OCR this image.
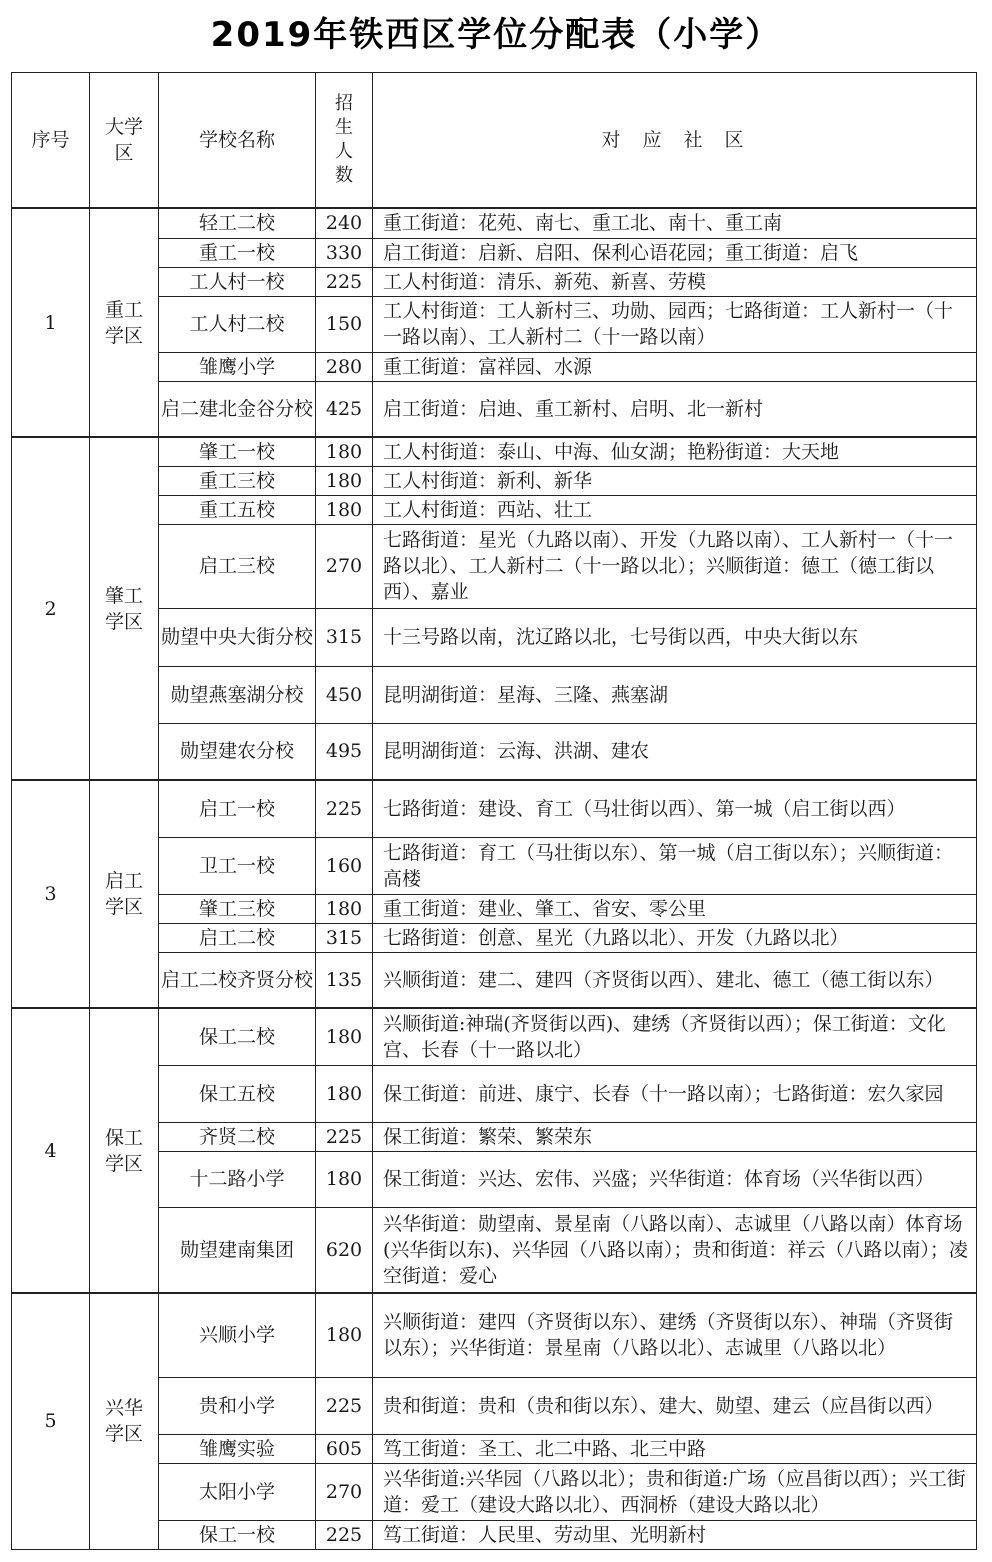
2019年铁西区学位分配表（小学）
序号	大学区	学校名称	招生人数	对 应 社 区
1	重工学区	轻工二校	240	重工街道：花苑、南七、重工北、南十、重工南
		重工一校	330	启工街道：启新、启阳、保利心语花园；重工街道：启飞
		工人村一校	225	工人村街道：清乐、新苑、新喜、劳模
		工人村二校	150	工人村街道：工人新村三、功勋、园西；七路街道：工人新村一（十一路以南）、工人新村二（十一路以南）
		雏鹰小学	280	重工街道：富祥园、水源
		启二建北金谷分校	425	启工街道：启迪、重工新村、启明、北一新村
2	肇工学区	肇工一校	180	工人村街道：泰山、中海、仙女湖；艳粉街道：大天地
		重工三校	180	工人村街道：新利、新华
		重工五校	180	工人村街道：西站、壮工
		启工三校	270	七路街道：星光（九路以南）、开发（九路以南）、工人新村一（十一路以北）、工人新村二（十一路以北）；兴顺街道：德工（德工街以西）、嘉业
		勋望中央大街分校	315	十三号路以南，沈辽路以北，七号街以西，中央大街以东
		勋望燕塞湖分校	450	昆明湖街道：星海、三隆、燕塞湖
		勋望建农分校	495	昆明湖街道：云海、洪湖、建农
3	启工学区	启工一校	225	七路街道：建设、育工（马壮街以西）、第一城（启工街以西）
		卫工一校	160	七路街道：育工（马壮街以东）、第一城（启工街以东）；兴顺街道：高楼
		肇工三校	180	重工街道：建业、肇工、省安、零公里
		启工二校	315	七路街道：创意、星光（九路以北）、开发（九路以北）
		启工二校齐贤分校	135	兴顺街道：建二、建四（齐贤街以西）、建北、德工（德工街以东）
4	保工学区	保工二校	180	兴顺街道:神瑞(齐贤街以西)、建绣（齐贤街以西）；保工街道：文化宫、长春（十一路以北）
		保工五校	180	保工街道：前进、康宁、长春（十一路以南）；七路街道：宏久家园
		齐贤二校	225	保工街道：繁荣、繁荣东
		十二路小学	180	保工街道：兴达、宏伟、兴盛；兴华街道：体育场（兴华街以西）
		勋望建南集团	620	兴华街道：勋望南、景星南（八路以南）、志诚里（八路以南）体育场(兴华街以东)、兴华园（八路以南）；贵和街道：祥云（八路以南）；凌空街道：爱心
5	兴华学区	兴顺小学	180	兴顺街道：建四（齐贤街以东）、建绣（齐贤街以东）、神瑞（齐贤街以东）；兴华街道：景星南（八路以北）、志诚里（八路以北）
		贵和小学	225	贵和街道：贵和（贵和街以东）、建大、勋望、建云（应昌街以西）
		雏鹰实验	605	笃工街道：圣工、北二中路、北三中路
		太阳小学	270	兴华街道:兴华园（八路以北）；贵和街道:广场（应昌街以西）；兴工街道：爱工（建设大路以北）、西洞桥（建设大路以北）
		保工一校	225	笃工街道：人民里、劳动里、光明新村
